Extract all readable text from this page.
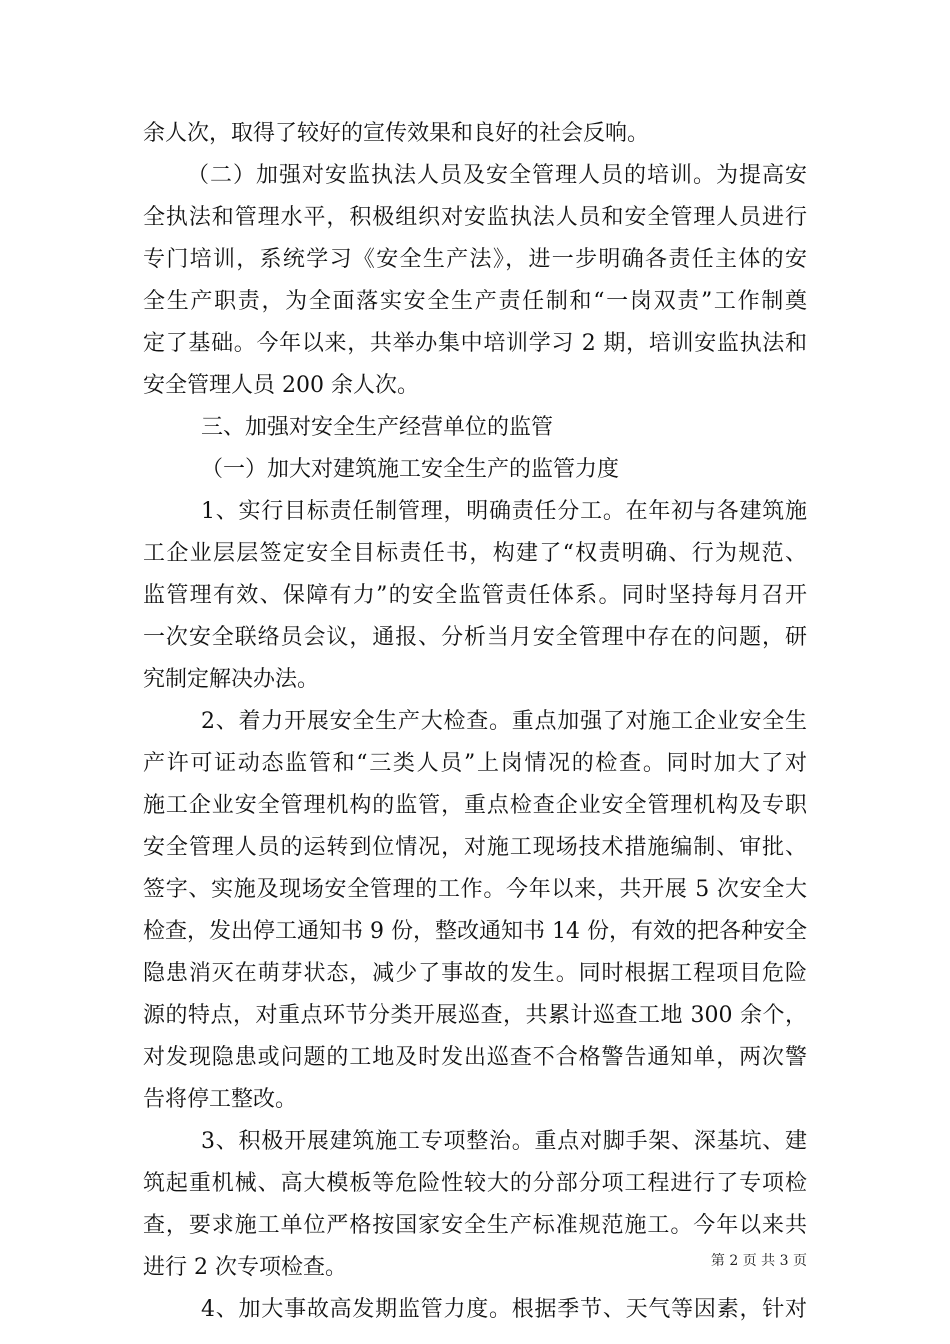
余人次，取得了较好的宣传效果和良好的社会反响。
（二）加强对安监执法人员及安全管理人员的培训。为提高安
全执法和管理水平，积极组织对安监执法人员和安全管理人员进行
专门培训，系统学习《安全生产法》，进一步明确各责任主体的安
全生产职责，为全面落实安全生产责任制和“一岗双责”工作制奠
定了基础。今年以来，共举办集中培训学习 2 期，培训安监执法和
安全管理人员 200 余人次。
三、加强对安全生产经营单位的监管
（一）加大对建筑施工安全生产的监管力度
1、实行目标责任制管理，明确责任分工。在年初与各建筑施
工企业层层签定安全目标责任书，构建了“权责明确、行为规范、
监管理有效、保障有力”的安全监管责任体系。同时坚持每月召开
一次安全联络员会议，通报、分析当月安全管理中存在的问题，研
究制定解决办法。
2、着力开展安全生产大检查。重点加强了对施工企业安全生
产许可证动态监管和“三类人员”上岗情况的检查。同时加大了对
施工企业安全管理机构的监管，重点检查企业安全管理机构及专职
安全管理人员的运转到位情况，对施工现场技术措施编制、审批、
签字、实施及现场安全管理的工作。今年以来，共开展 5 次安全大
检查，发出停工通知书 9 份，整改通知书 14 份，有效的把各种安全
隐患消灭在萌芽状态，减少了事故的发生。同时根据工程项目危险
源的特点，对重点环节分类开展巡查，共累计巡查工地 300 余个，
对发现隐患或问题的工地及时发出巡查不合格警告通知单，两次警
告将停工整改。
3、积极开展建筑施工专项整治。重点对脚手架、深基坑、建
筑起重机械、高大模板等危险性较大的分部分项工程进行了专项检
查，要求施工单位严格按国家安全生产标准规范施工。今年以来共
进行 2 次专项检查。
4、加大事故高发期监管力度。根据季节、天气等因素，针对
第 2 页 共 3 页
